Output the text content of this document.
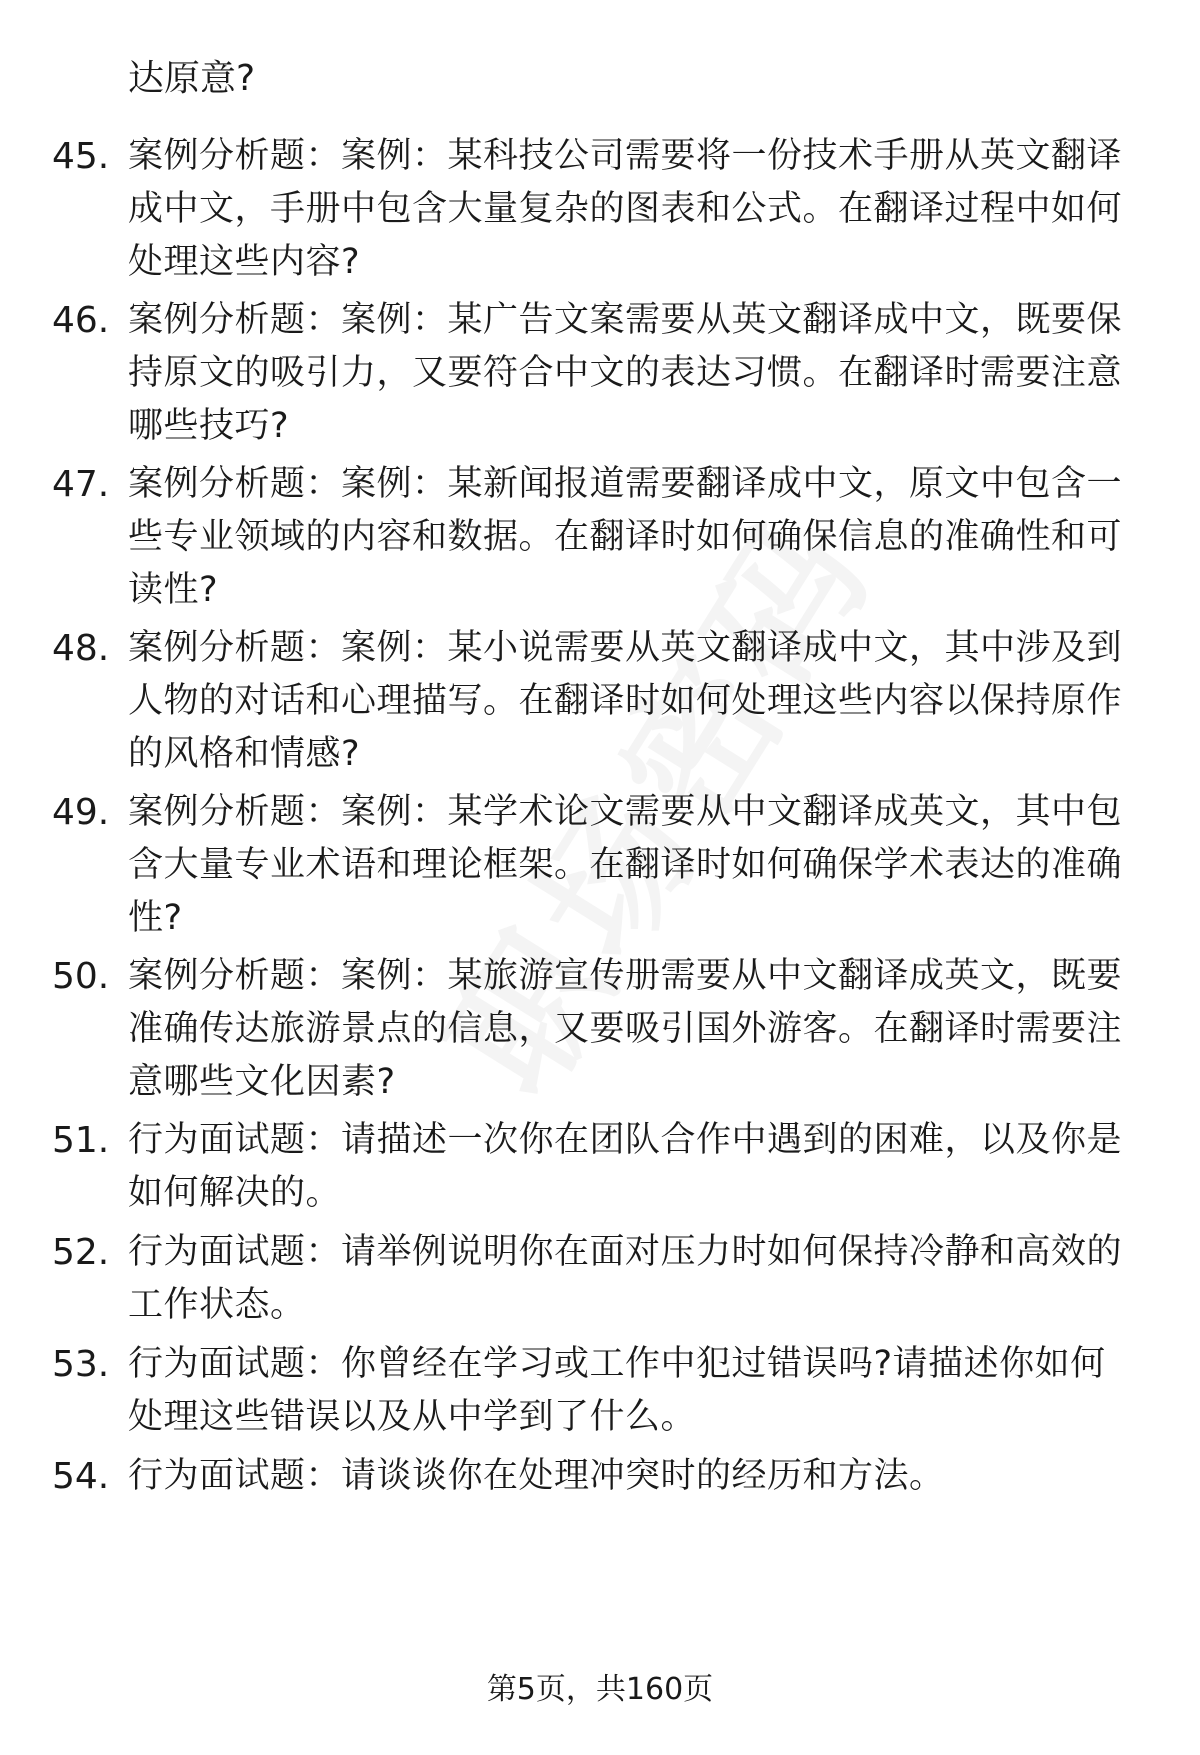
达原意?
45. 案例分析题：案例：某科技公司需要将一份技术手册从英文翻译成中文，手册中包含大量复杂的图表和公式。在翻译过程中如何处理这些内容?
46. 案例分析题：案例：某广告文案需要从英文翻译成中文，既要保持原文的吸引力，又要符合中文的表达习惯。在翻译时需要注意哪些技巧?
47. 案例分析题：案例：某新闻报道需要翻译成中文，原文中包含一些专业领域的内容和数据。在翻译时如何确保信息的准确性和可读性?
48. 案例分析题：案例：某小说需要从英文翻译成中文，其中涉及到人物的对话和心理描写。在翻译时如何处理这些内容以保持原作的风格和情感?
49. 案例分析题：案例：某学术论文需要从中文翻译成英文，其中包含大量专业术语和理论框架。在翻译时如何确保学术表达的准确性?
50. 案例分析题：案例：某旅游宣传册需要从中文翻译成英文，既要准确传达旅游景点的信息，又要吸引国外游客。在翻译时需要注意哪些文化因素?
51. 行为面试题：请描述一次你在团队合作中遇到的困难，以及你是如何解决的。
52. 行为面试题：请举例说明你在面对压力时如何保持冷静和高效的工作状态。
53. 行为面试题：你曾经在学习或工作中犯过错误吗?请描述你如何处理这些错误以及从中学到了什么。
54. 行为面试题：请谈谈你在处理冲突时的经历和方法。
第5页，共160页
